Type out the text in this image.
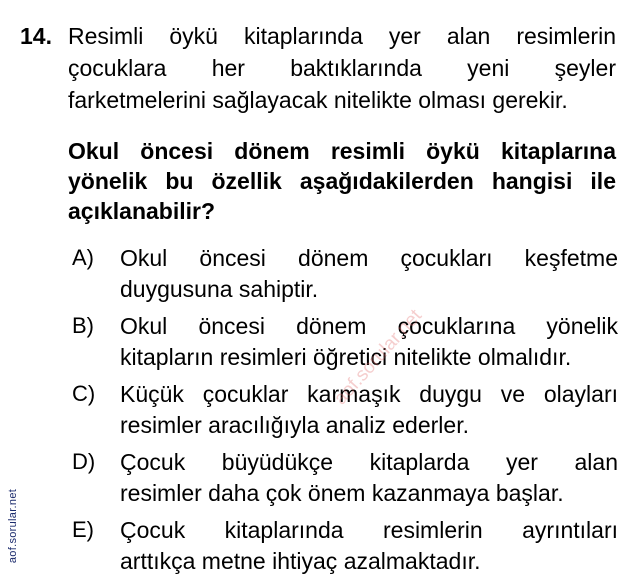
14. Resimli öykü kitaplarında yer alan resimlerin
çocuklara her baktıklarında yeni şeyler
farketmelerini sağlayacak nitelikte olması gerekir.
Okul öncesi dönem resimli öykü kitaplarına
yönelik bu özellik aşağıdakilerden hangisi ile
açıklanabilir?
A) Okul öncesi dönem çocukları keşfetme
duygusuna sahiptir.
B) Okul öncesi dönem çocuklarına yönelik
kitapların resimleri öğretici nitelikte olmalıdır.
C) Küçük çocuklar karmaşık duygu ve olayları
resimler aracılığıyla analiz ederler.
D) Çocuk büyüdükçe kitaplarda yer alan
resimler daha çok önem kazanmaya başlar.
E) Çocuk kitaplarında resimlerin ayrıntıları
arttıkça metne ihtiyaç azalmaktadır.
aof.sorular.net
aof.sorular.net
